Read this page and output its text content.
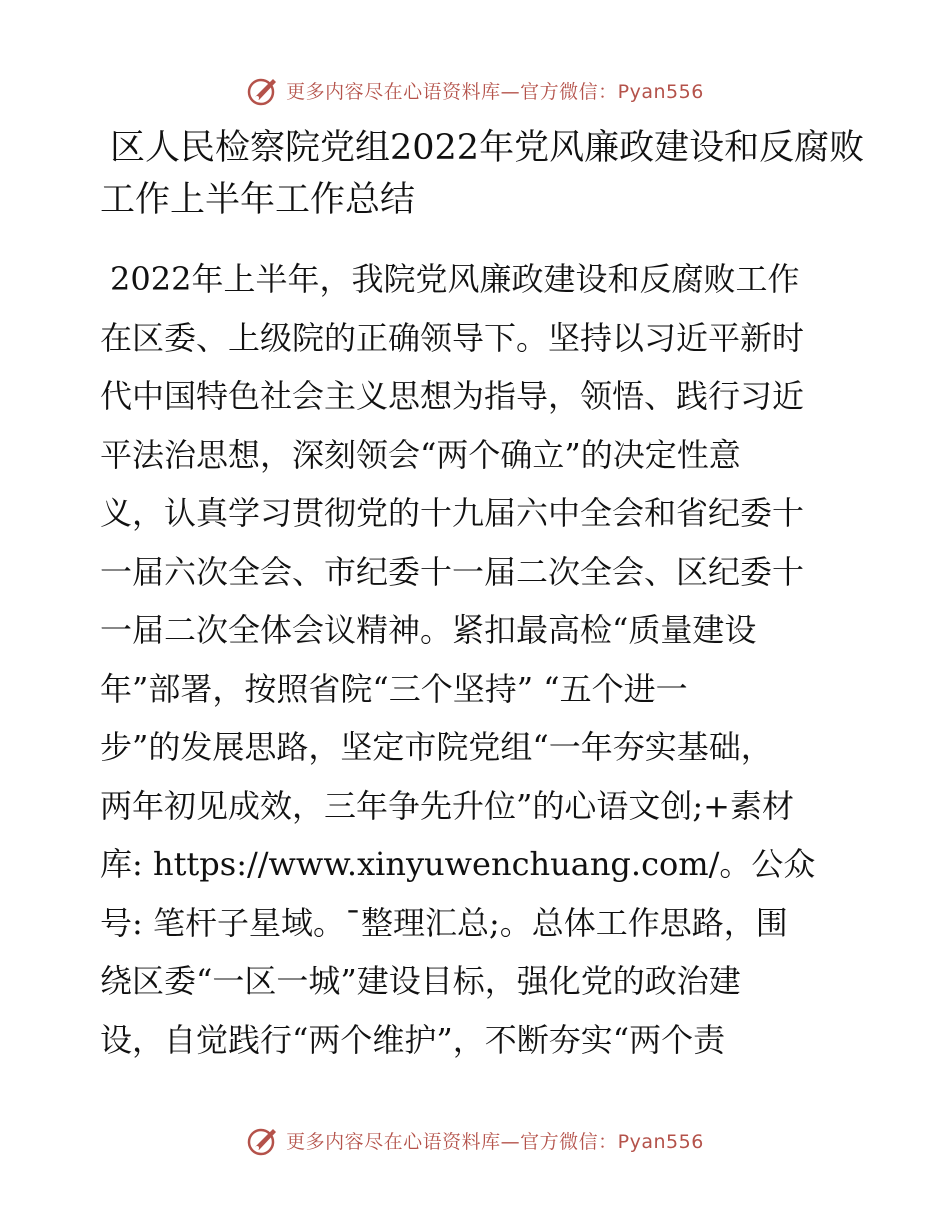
更多内容尽在心语资料库—官方微信：Pyan556
区人民检察院党组2022年党风廉政建设和反腐败
工作上半年工作总结
2022年上半年，我院党风廉政建设和反腐败工作
在区委、上级院的正确领导下。坚持以习近平新时
代中国特色社会主义思想为指导，领悟、践行习近
平法治思想，深刻领会“两个确立”的决定性意
义，认真学习贯彻党的十九届六中全会和省纪委十
一届六次全会、市纪委十一届二次全会、区纪委十
一届二次全体会议精神。紧扣最高检“质量建设
年”部署，按照省院“三个坚持” “五个进一
步”的发展思路，坚定市院党组“一年夯实基础，
两年初见成效，三年争先升位”的心语文创;+素材
库: https://www.xinyuwenchuang.com/。公众
号: 笔杆子星域。¯整理汇总;。总体工作思路，围
绕区委“一区一城”建设目标，强化党的政治建
设，自觉践行“两个维护”，不断夯实“两个责
更多内容尽在心语资料库—官方微信：Pyan556
